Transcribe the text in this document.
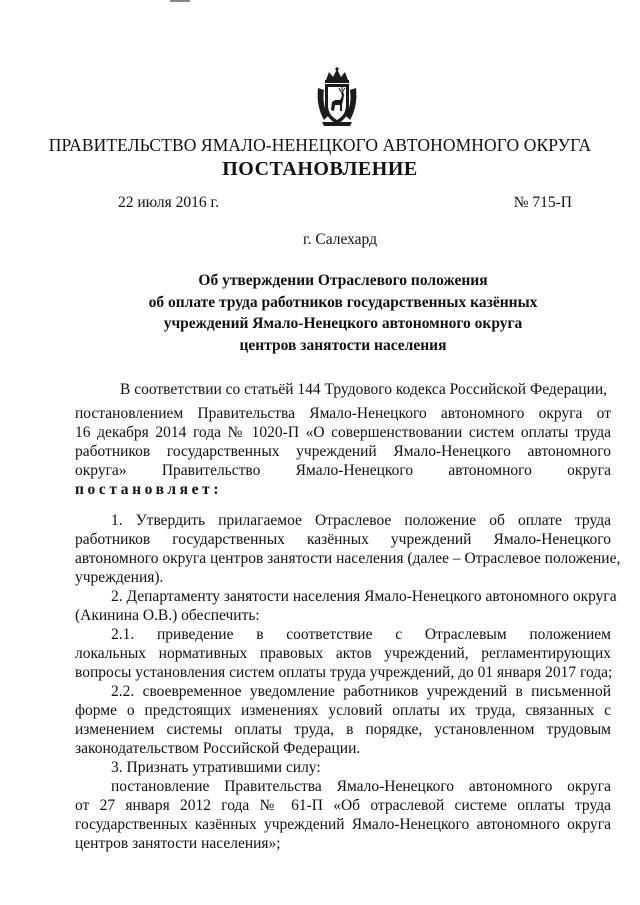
ПРАВИТЕЛЬСТВО ЯМАЛО-НЕНЕЦКОГО АВТОНОМНОГО ОКРУГА
ПОСТАНОВЛЕНИЕ
22 июля 2016 г.	№ 715-П
г. Салехард
Об утверждении Отраслевого положения
об оплате труда работников государственных казённых
учреждений Ямало-Ненецкого автономного округа
центров занятости населения
В соответствии со статьёй 144 Трудового кодекса Российской Федерации,
постановлением Правительства Ямало-Ненецкого автономного округа от
16 декабря 2014 года № 1020-П «О совершенствовании систем оплаты труда
работников государственных учреждений Ямало-Ненецкого автономного
округа» Правительство Ямало-Ненецкого автономного округа
постановляет:
1. Утвердить прилагаемое Отраслевое положение об оплате труда
работников государственных казённых учреждений Ямало-Ненецкого
автономного округа центров занятости населения (далее – Отраслевое положение,
учреждения).
2. Департаменту занятости населения Ямало-Ненецкого автономного округа
(Акинина О.В.) обеспечить:
2.1. приведение в соответствие с Отраслевым положением
локальных нормативных правовых актов учреждений, регламентирующих
вопросы установления систем оплаты труда учреждений, до 01 января 2017 года;
2.2. своевременное уведомление работников учреждений в письменной
форме о предстоящих изменениях условий оплаты их труда, связанных с
изменением системы оплаты труда, в порядке, установленном трудовым
законодательством Российской Федерации.
3. Признать утратившими силу:
постановление Правительства Ямало-Ненецкого автономного округа
от 27 января 2012 года № 61-П «Об отраслевой системе оплаты труда
государственных казённых учреждений Ямало-Ненецкого автономного округа
центров занятости населения»;
